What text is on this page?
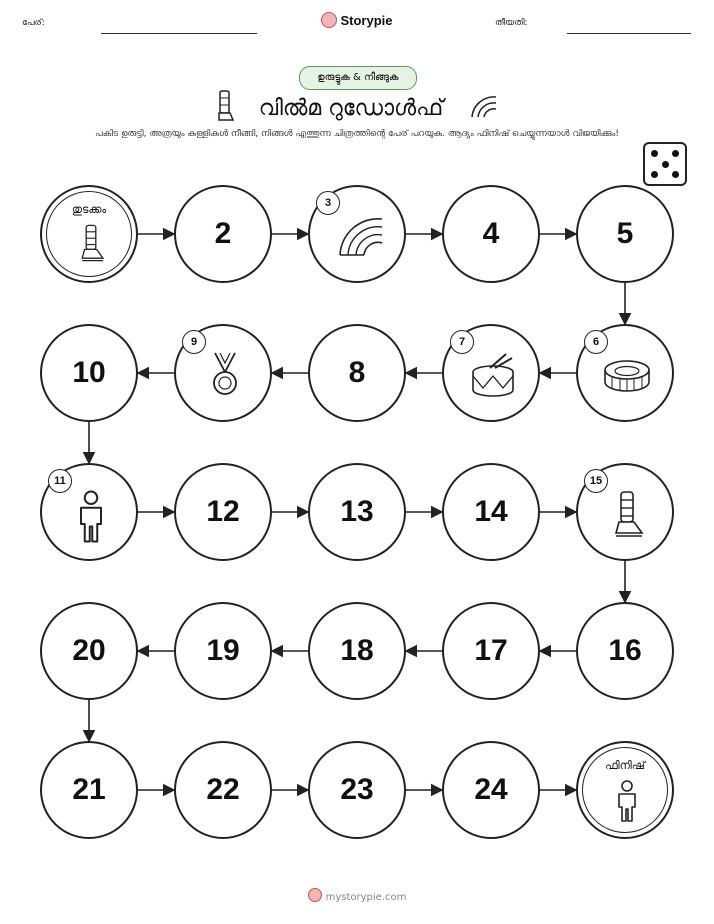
പേര്:	Storypie	തീയതി:
ഉരുട്ടുക & നീങ്ങുക
വിൽമ റുഡോൾഫ്
പകിട ഉരുട്ടി, അത്രയും കള്ളികൾ നീങ്ങി, നിങ്ങൾ എത്തുന്ന ചിത്രത്തിന്റെ പേര് പറയുക. ആദ്യം ഫിനിഷ് ചെയ്യുന്നയാൾ വിജയിക്കും!
തുടക്കം
2
3
4	5
10
9
8
7	6
11
12	13	14
15
20	19	18	17	16
21	22	23	24
ഫിനിഷ്
mystorypie.com
